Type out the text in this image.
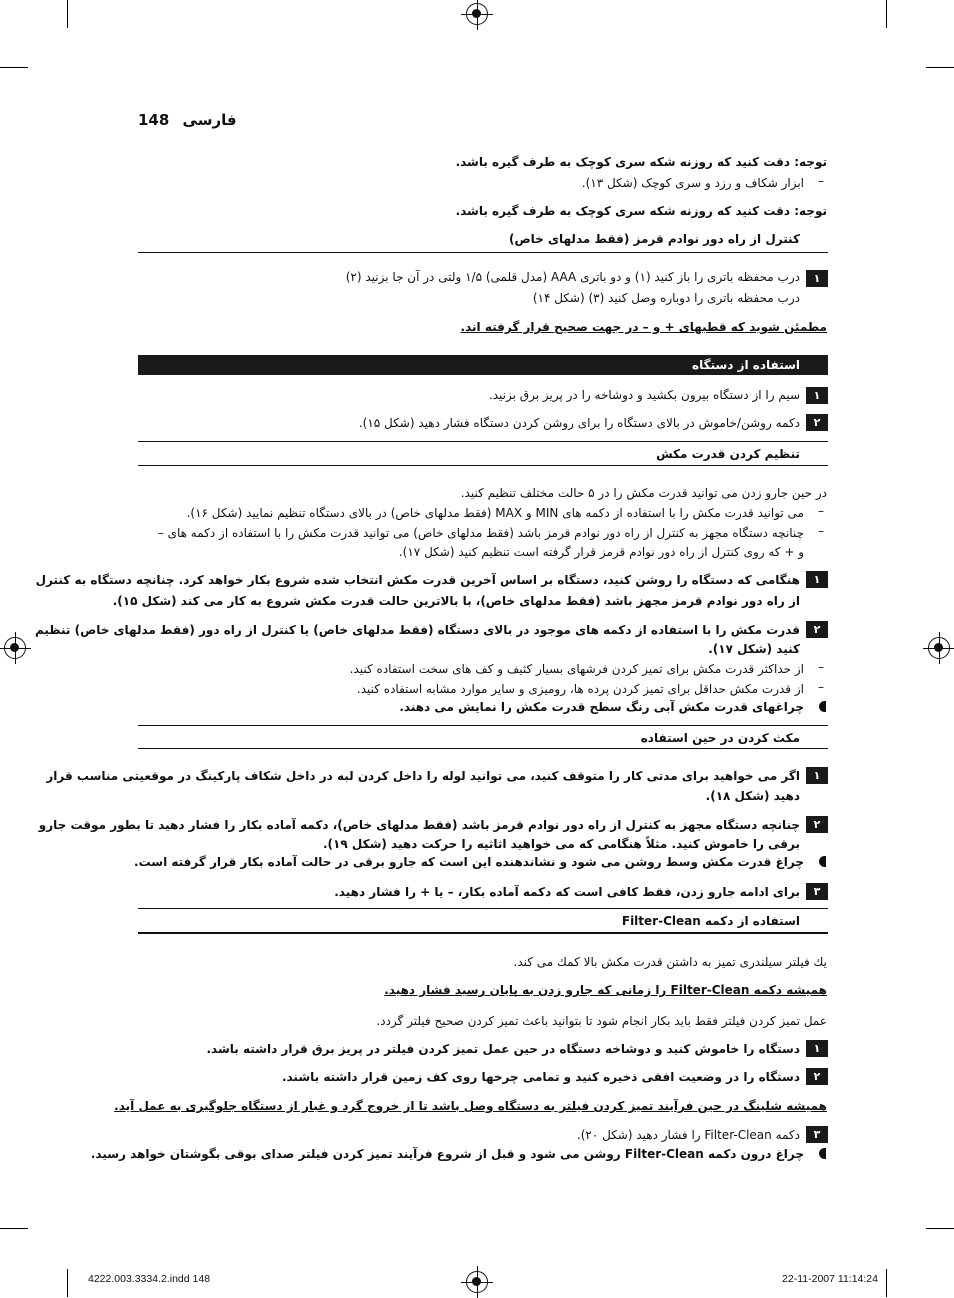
148 فارسی
توجه: دقت کنید که روزنه شکه سری کوچک به طرف گیره باشد.
ابزار شکاف و رزد و سری کوچک (شکل ۱۳). –
توجه: دقت کنید که روزنه شکه سری کوچک به طرف گیره باشد.
کنترل از راه دور نوادم قرمز (فقط مدلهای خاص)
۱
درب محفظه باتری را باز کنید (۱) و دو باتری AAA (مدل قلمی) ۱/۵ ولتی در آن جا بزنید (۲)
درب محفظه باتری را دوباره وصل کنید (۳) (شکل ۱۴)
مطمئن شوید که قطبهای + و – در جهت صحیح قرار گرفته اند.
استفاده از دستگاه
۱
سیم را از دستگاه بیرون بکشید و دوشاخه را در پریز برق بزنید.
۲
دکمه روشن/خاموش در بالای دستگاه را برای روشن کردن دستگاه فشار دهید (شکل ۱۵).
تنظیم کردن قدرت مکش
در حین جارو زدن می توانید قدرت مکش را در ۵ حالت مختلف تنظیم کنید.
–
می توانید قدرت مکش را با استفاده از دکمه های MIN و MAX (فقط مدلهای خاص) در بالای دستگاه تنظیم نمایید (شکل ۱۶).
–
چنانچه دستگاه مجهز به کنترل از راه دور نوادم قرمز باشد (فقط مدلهای خاص) می توانید قدرت مکش را با استفاده از دکمه های –
و + که روی کنترل از راه دور نوادم قرمز قرار گرفته است تنظیم کنید (شکل ۱۷).
۱
هنگامی که دستگاه را روشن کنید، دستگاه بر اساس آخرین قدرت مکش انتخاب شده شروع بکار خواهد کرد. چنانچه دستگاه به کنترل
از راه دور نوادم قرمز مجهز باشد (فقط مدلهای خاص)، با بالاترین حالت قدرت مکش شروع به کار می کند (شکل ۱۵).
۲
قدرت مکش را با استفاده از دکمه های موجود در بالای دستگاه (فقط مدلهای خاص) یا کنترل از راه دور (فقط مدلهای خاص) تنظیم
کنید (شکل ۱۷).
–
از حداکثر قدرت مکش برای تمیز کردن فرشهای بسیار کثیف و کف های سخت استفاده کنید.
–
از قدرت مکش حداقل برای تمیز کردن پرده ها، رومیزی و سایر موارد مشابه استفاده کنید.
چراغهای قدرت مکش آبی رنگ سطح قدرت مکش را نمایش می دهند.
مکث کردن در حین استفاده
۱
اگر می خواهید برای مدتی کار را متوقف کنید، می توانید لوله را داخل کردن لبه در داخل شکاف پارکینگ در موقعیتی مناسب قرار
دهید (شکل ۱۸).
۲
چنانچه دستگاه مجهز به کنترل از راه دور نوادم قرمز باشد (فقط مدلهای خاص)، دکمه آماده بکار را فشار دهید تا بطور موقت جارو
برقی را خاموش کنید. مثلاً هنگامی که می خواهید اثاثیه را حرکت دهید (شکل ۱۹).
چراغ قدرت مکش وسط روشن می شود و نشاندهنده این است که جارو برقی در حالت آماده بکار قرار گرفته است.
۳
برای ادامه جارو زدن، فقط کافی است که دکمه آماده بکار، – یا + را فشار دهید.
استفاده از دکمه Filter-Clean
يك فيلتر سيلندری تميز به داشتن قدرت مكش بالا كمك می كند.
همیشه دکمه Filter-Clean را زمانی که جارو زدن به پایان رسید فشار دهید.
عمل تميز كردن فيلتر فقط باید بكار انجام شود تا بتوانيد باعث تميز كردن صحيح فيلتر گردد.
۱
دستگاه را خاموش کنید و دوشاخه دستگاه در حین عمل تمیز کردن فیلتر در پریز برق قرار داشته باشد.
۲
دستگاه را در وضعیت افقی ذخیره کنید و تمامی چرخها روی کف زمین قرار داشته باشند.
همیشه شلینگ در حین فرآیند تمیز کردن فیلتر به دستگاه وصل باشد تا از خروج گرد و غبار از دستگاه جلوگیری به عمل آید.
۳
دکمه Filter-Clean را فشار دهید (شکل ۲۰).
چراغ درون دکمه Filter-Clean روشن می شود و قبل از شروع فرآیند تمیز کردن فیلتر صدای بوقی بگوشتان خواهد رسید.
4222.003.3334.2.indd 148	22-11-2007 11:14:24
